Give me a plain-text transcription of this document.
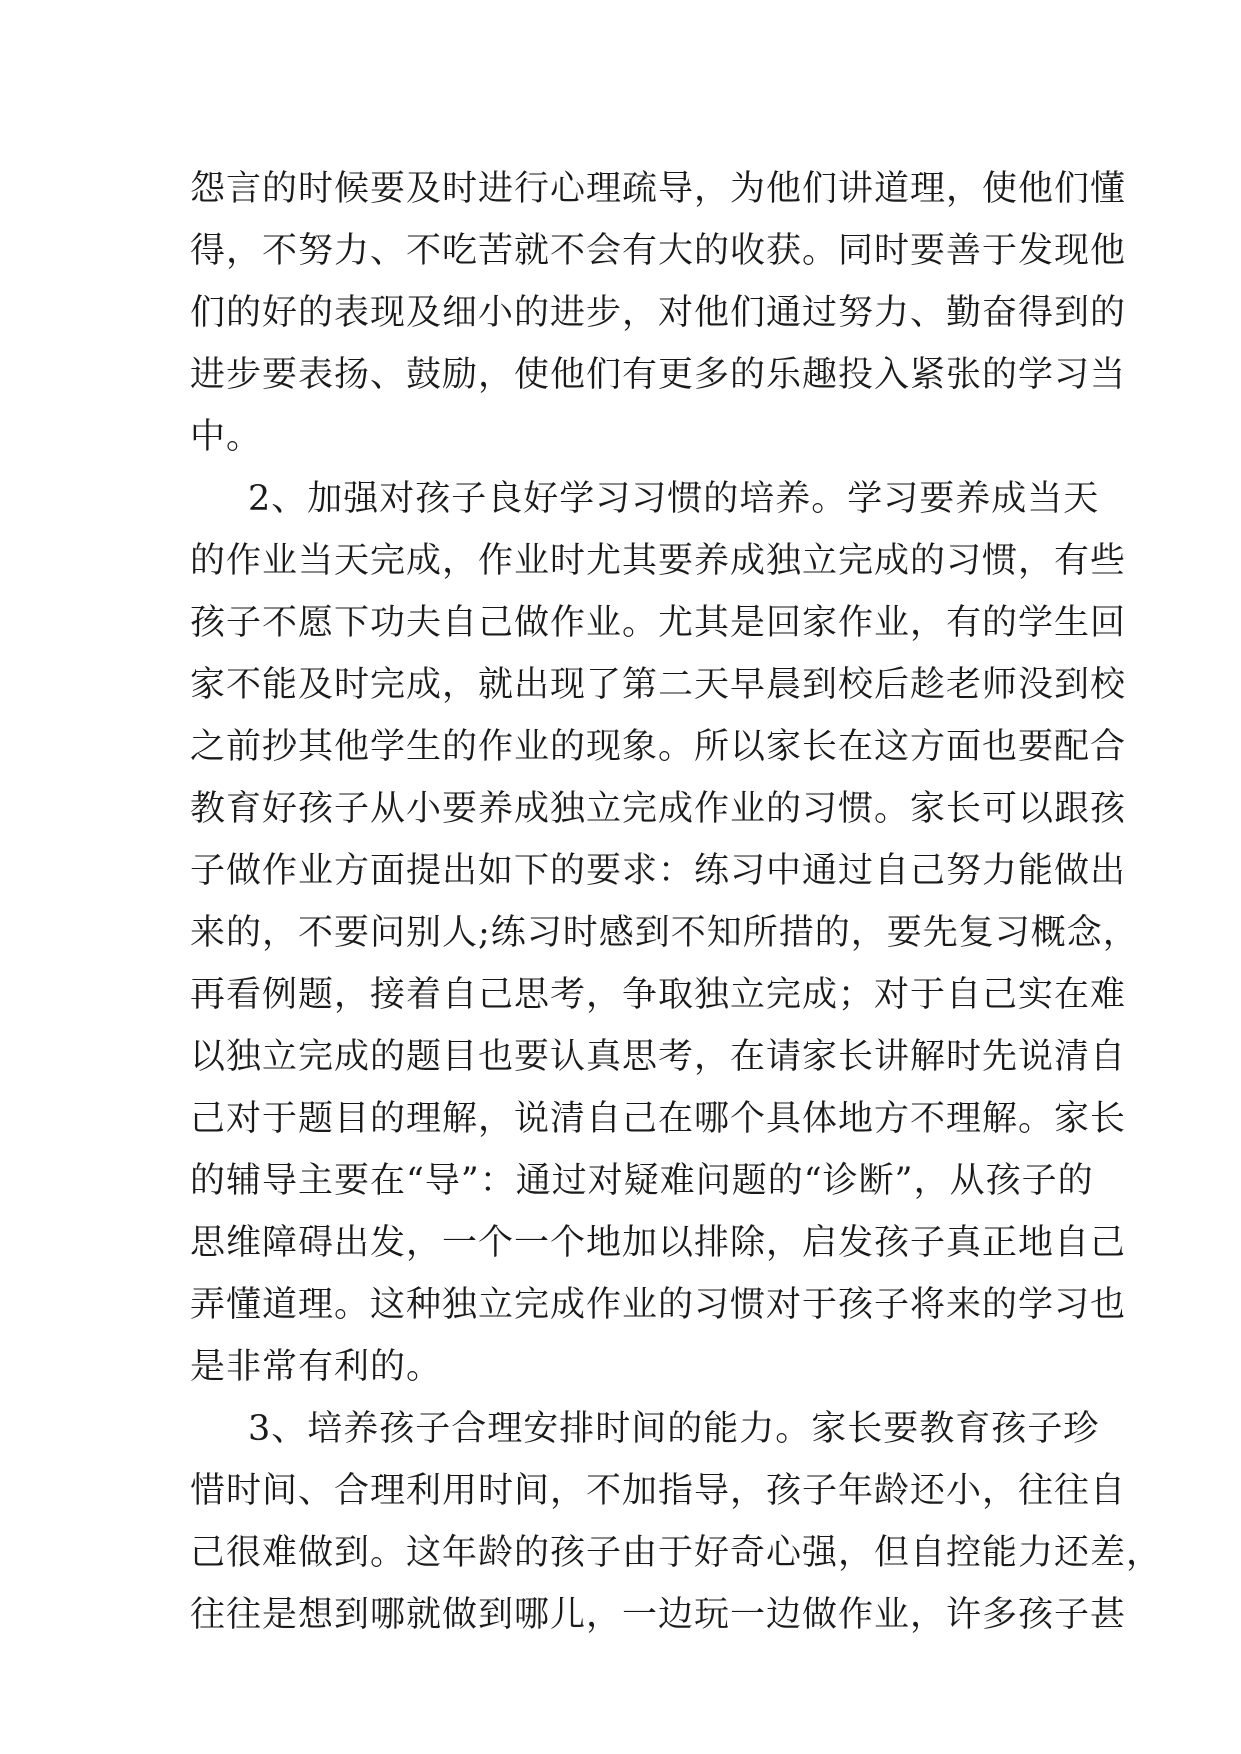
怨言的时候要及时进行心理疏导，为他们讲道理，使他们懂
得，不努力、不吃苦就不会有大的收获。同时要善于发现他
们的好的表现及细小的进步，对他们通过努力、勤奋得到的
进步要表扬、鼓励，使他们有更多的乐趣投入紧张的学习当
中。
2、加强对孩子良好学习习惯的培养。学习要养成当天
的作业当天完成，作业时尤其要养成独立完成的习惯，有些
孩子不愿下功夫自己做作业。尤其是回家作业，有的学生回
家不能及时完成，就出现了第二天早晨到校后趁老师没到校
之前抄其他学生的作业的现象。所以家长在这方面也要配合
教育好孩子从小要养成独立完成作业的习惯。家长可以跟孩
子做作业方面提出如下的要求：练习中通过自己努力能做出
来的，不要问别人;练习时感到不知所措的，要先复习概念，
再看例题，接着自己思考，争取独立完成；对于自己实在难
以独立完成的题目也要认真思考，在请家长讲解时先说清自
己对于题目的理解，说清自己在哪个具体地方不理解。家长
的辅导主要在“导”：通过对疑难问题的“诊断”，从孩子的
思维障碍出发，一个一个地加以排除，启发孩子真正地自己
弄懂道理。这种独立完成作业的习惯对于孩子将来的学习也
是非常有利的。
3、培养孩子合理安排时间的能力。家长要教育孩子珍
惜时间、合理利用时间，不加指导，孩子年龄还小，往往自
己很难做到。这年龄的孩子由于好奇心强，但自控能力还差，
往往是想到哪就做到哪儿，一边玩一边做作业，许多孩子甚
